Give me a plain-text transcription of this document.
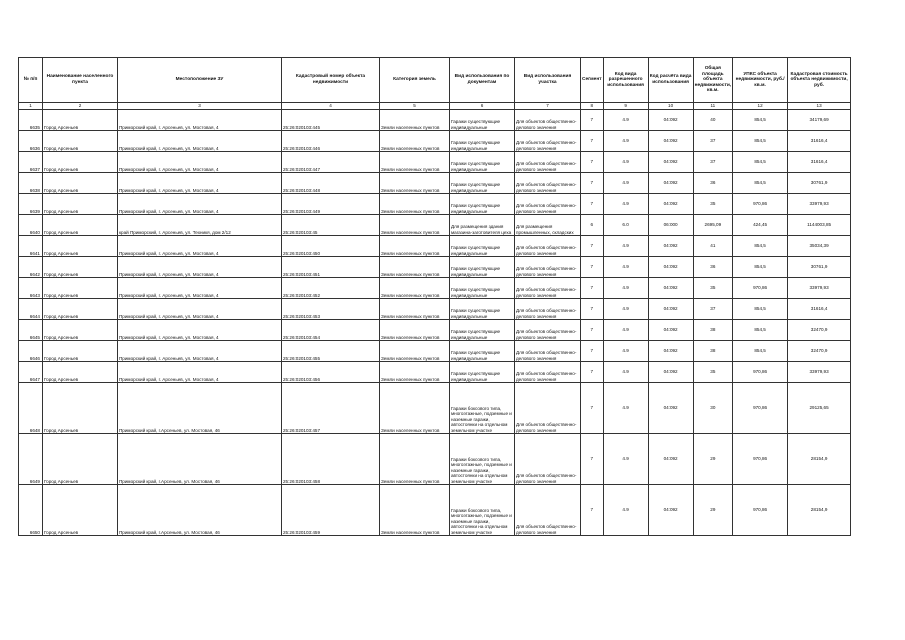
№ п/п	Наименование населенного пункта	Местоположение ЗУ	Кадастровый номер объекта недвижимости	Категория земель	Вид использования по документам	Вид использования участка	Сегмент	Код вида разрешенного использования	Код расчёта вида использования	Общая площадь объекта недвижимости, кв.м.	УПКС объекта недвижимости, руб./кв.м.	Кадастровая стоимость объекта недвижимости, руб.
1	2	3	4	5	6	7	8	9	10	11	12	13
6635	Город Арсеньев	Приморский край, г. Арсеньев, ул. Мостовая, 4	25:26:020103:445	Земли населенных пунктов	Гаражи существующие индивидуальные	Для объектов общественно-делового значения	7	4.9	04:092	40	854,5	34179,69
6636	Город Арсеньев	Приморский край, г. Арсеньев, ул. Мостовая, 4	25:26:020103:446	Земли населенных пунктов	Гаражи существующие индивидуальные	Для объектов общественно-делового значения	7	4.9	04:092	37	854,5	31616,4
6637	Город Арсеньев	Приморский край, г. Арсеньев, ул. Мостовая, 4	25:26:020103:447	Земли населенных пунктов	Гаражи существующие индивидуальные	Для объектов общественно-делового значения	7	4.9	04:092	37	854,5	31616,4
6638	Город Арсеньев	Приморский край, г. Арсеньев, ул. Мостовая, 4	25:26:020103:448	Земли населенных пунктов	Гаражи существующие индивидуальные	Для объектов общественно-делового значения	7	4.9	04:092	36	854,5	30761,9
6639	Город Арсеньев	Приморский край, г. Арсеньев, ул. Мостовая, 4	25:26:020103:449	Земли населенных пунктов	Гаражи существующие индивидуальные	Для объектов общественно-делового значения	7	4.9	04:092	35	970,86	33979,93
6640	Город Арсеньев	край Приморский, г. Арсеньев, ул. Техникя, дом 2/12	25:26:020103:45	Земли населенных пунктов	Для размещения здания магазина-заготовителя цеха	Для размещения промышленных, складских	6	6.0	06:000	2695,09	424,45	1144003,85
6641	Город Арсеньев	Приморский край, г. Арсеньев, ул. Мостовая, 4	25:26:020103:450	Земли населенных пунктов	Гаражи существующие индивидуальные	Для объектов общественно-делового значения	7	4.9	04:092	41	854,5	35034,39
6642	Город Арсеньев	Приморский край, г. Арсеньев, ул. Мостовая, 4	25:26:020103:451	Земли населенных пунктов	Гаражи существующие индивидуальные	Для объектов общественно-делового значения	7	4.9	04:092	36	854,5	30761,9
6643	Город Арсеньев	Приморский край, г. Арсеньев, ул. Мостовая, 4	25:26:020103:452	Земли населенных пунктов	Гаражи существующие индивидуальные	Для объектов общественно-делового значения	7	4.9	04:092	35	970,86	33979,93
6644	Город Арсеньев	Приморский край, г. Арсеньев, ул. Мостовая, 4	25:26:020103:453	Земли населенных пунктов	Гаражи существующие индивидуальные	Для объектов общественно-делового значения	7	4.9	04:092	37	854,5	31616,4
6645	Город Арсеньев	Приморский край, г. Арсеньев, ул. Мостовая, 4	25:26:020103:454	Земли населенных пунктов	Гаражи существующие индивидуальные	Для объектов общественно-делового значения	7	4.9	04:092	38	854,5	32470,9
6646	Город Арсеньев	Приморский край, г. Арсеньев, ул. Мостовая, 4	25:26:020103:455	Земли населенных пунктов	Гаражи существующие индивидуальные	Для объектов общественно-делового значения	7	4.9	04:092	38	854,5	32470,9
6647	Город Арсеньев	Приморский край, г. Арсеньев, ул. Мостовая, 4	25:26:020103:456	Земли населенных пунктов	Гаражи существующие индивидуальные	Для объектов общественно-делового значения	7	4.9	04:092	35	970,86	33979,93
6648	Город Арсеньев	Приморский край, г.Арсеньев, ул. Мостовая, 46	25:26:020103:457	Земли населенных пунктов	Гаражи боксового типа, многоэтажные, подземные и наземные гаражи, автостоянки на отдельном земельном участке	Для объектов общественно-делового значения	7	4.9	04:092	30	970,86	29125,65
6649	Город Арсеньев	Приморский край, г.Арсеньев, ул. Мостовая, 46	25:26:020103:458	Земли населенных пунктов	Гаражи боксового типа, многоэтажные, подземные и наземные гаражи, автостоянки на отдельном земельном участке	Для объектов общественно-делового значения	7	4.9	04:092	29	970,86	28154,9
6650	Город Арсеньев	Приморский край, г.Арсеньев, ул. Мостовая, 46	25:26:020103:459	Земли населенных пунктов	Гаражи боксового типа, многоэтажные, подземные и наземные гаражи, автостоянки на отдельном земельном участке	Для объектов общественно-делового значения	7	4.9	04:092	29	970,86	28154,9
